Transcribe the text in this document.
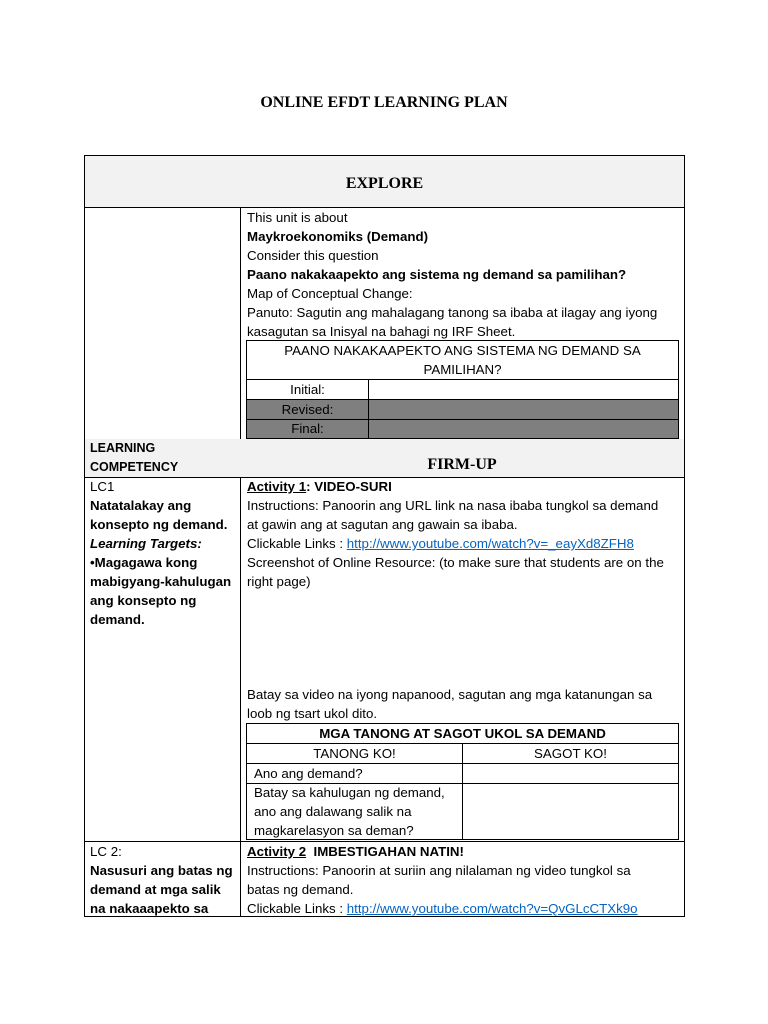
ONLINE EFDT LEARNING PLAN
EXPLORE
This unit is about
Maykroekonomiks (Demand)
Consider this question
Paano nakakaapekto ang sistema ng demand sa pamilihan?
Map of Conceptual Change:
Panuto: Sagutin ang mahalagang tanong sa ibaba at ilagay ang iyong
kasagutan sa Inisyal na bahagi ng IRF Sheet.
PAANO NAKAKAAPEKTO ANG SISTEMA NG DEMAND SA
PAMILIHAN?
Initial:
Revised:
Final:
LEARNING
COMPETENCY	FIRM-UP
LC1
Natatalakay ang
konsepto ng demand.
Learning Targets:
•Magagawa kong
mabigyang-kahulugan
ang konsepto ng
demand.
Activity 1: VIDEO-SURI
Instructions: Panoorin ang URL link na nasa ibaba tungkol sa demand
at gawin ang at sagutan ang gawain sa ibaba.
Clickable Links : http://www.youtube.com/watch?v=_eayXd8ZFH8
Screenshot of Online Resource: (to make sure that students are on the
right page)
Batay sa video na iyong napanood, sagutan ang mga katanungan sa
loob ng tsart ukol dito.
MGA TANONG AT SAGOT UKOL SA DEMAND
TANONG KO!	SAGOT KO!
Ano ang demand?
Batay sa kahulugan ng demand,
ano ang dalawang salik na
magkarelasyon sa deman?
LC 2:
Nasusuri ang batas ng
demand at mga salik
na nakaaapekto sa
Activity 2  IMBESTIGAHAN NATIN!
Instructions: Panoorin at suriin ang nilalaman ng video tungkol sa
batas ng demand.
Clickable Links : http://www.youtube.com/watch?v=QvGLcCTXk9o
